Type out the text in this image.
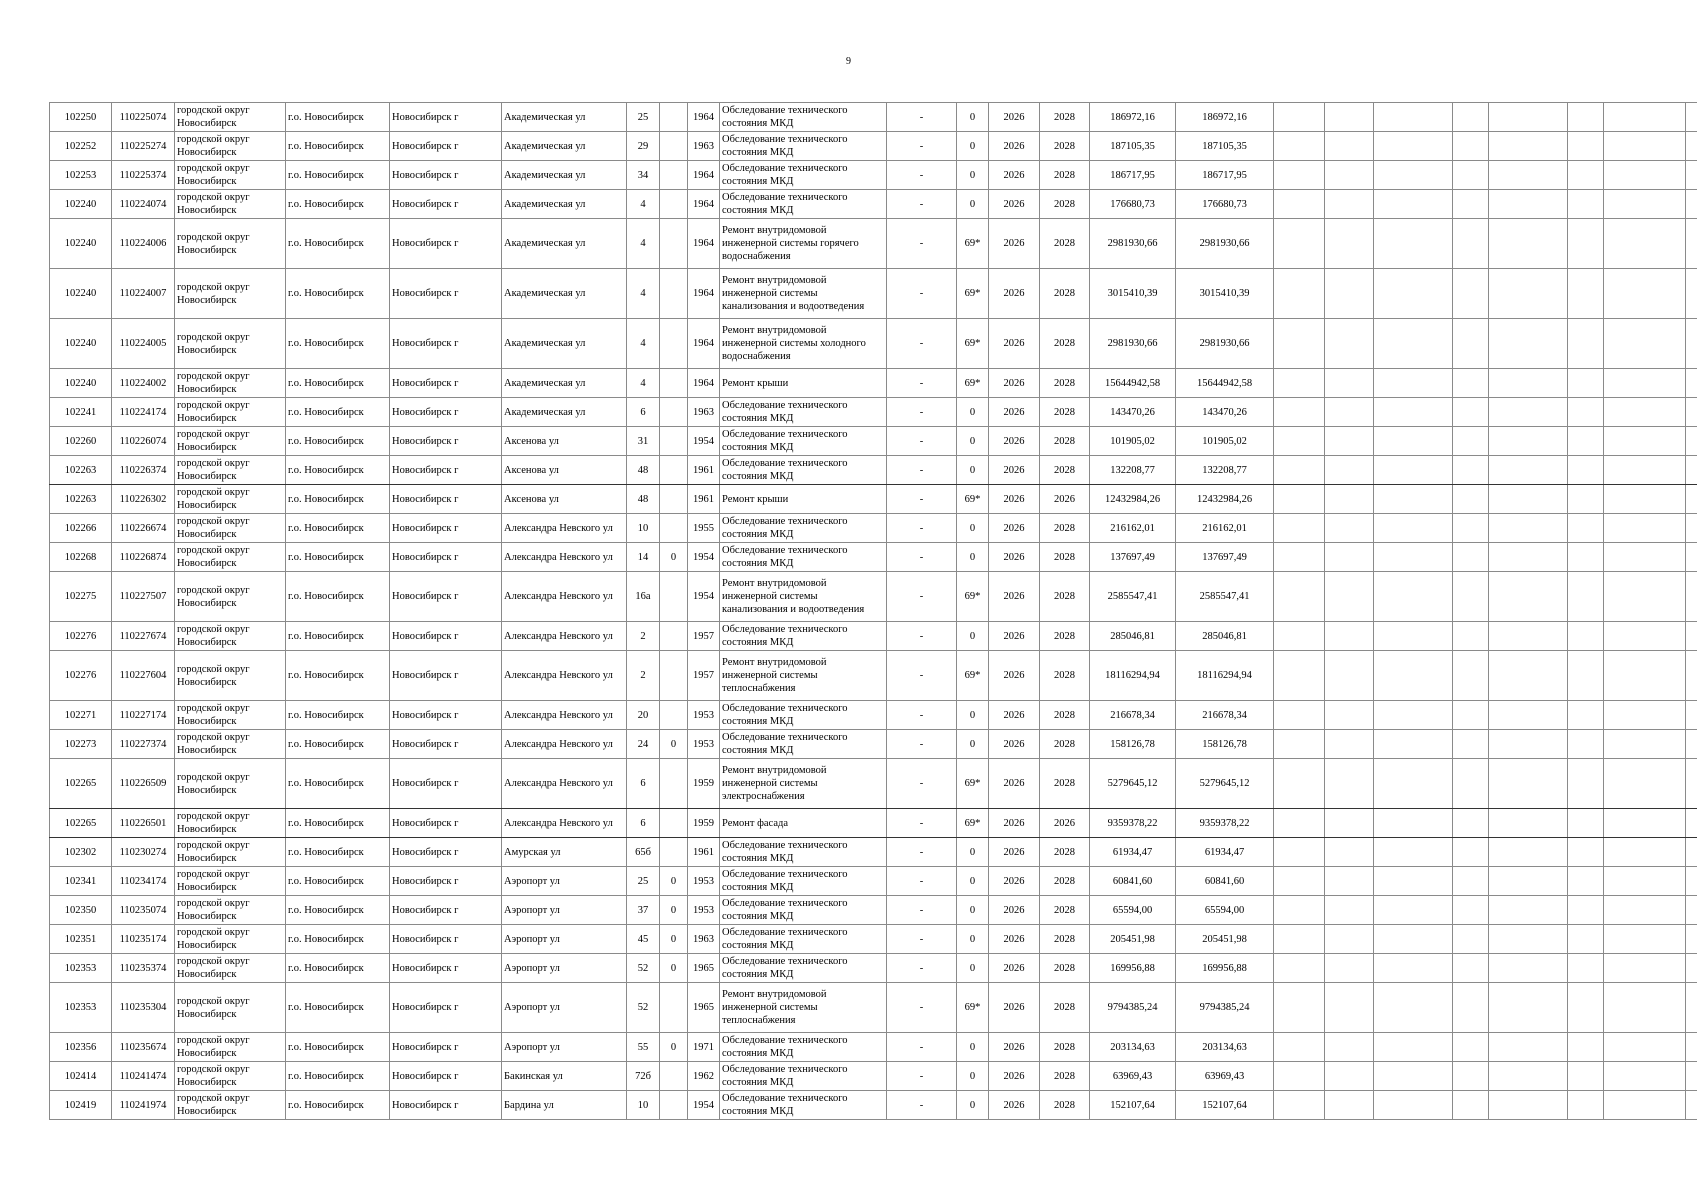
9
102250	110225074	городской округ Новосибирск	г.о. Новосибирск	Новосибирск г	Академическая ул	25		1964	Обследование технического состояния МКД	-	0	2026	2028	186972,16	186972,16								
102252	110225274	городской округ Новосибирск	г.о. Новосибирск	Новосибирск г	Академическая ул	29		1963	Обследование технического состояния МКД	-	0	2026	2028	187105,35	187105,35								
102253	110225374	городской округ Новосибирск	г.о. Новосибирск	Новосибирск г	Академическая ул	34		1964	Обследование технического состояния МКД	-	0	2026	2028	186717,95	186717,95								
102240	110224074	городской округ Новосибирск	г.о. Новосибирск	Новосибирск г	Академическая ул	4		1964	Обследование технического состояния МКД	-	0	2026	2028	176680,73	176680,73								
102240	110224006	городской округ Новосибирск	г.о. Новосибирск	Новосибирск г	Академическая ул	4		1964	Ремонт внутридомовой инженерной системы горячего водоснабжения	-	69*	2026	2028	2981930,66	2981930,66								
102240	110224007	городской округ Новосибирск	г.о. Новосибирск	Новосибирск г	Академическая ул	4		1964	Ремонт внутридомовой инженерной системы канализования и водоотведения	-	69*	2026	2028	3015410,39	3015410,39								
102240	110224005	городской округ Новосибирск	г.о. Новосибирск	Новосибирск г	Академическая ул	4		1964	Ремонт внутридомовой инженерной системы холодного водоснабжения	-	69*	2026	2028	2981930,66	2981930,66								
102240	110224002	городской округ Новосибирск	г.о. Новосибирск	Новосибирск г	Академическая ул	4		1964	Ремонт крыши	-	69*	2026	2028	15644942,58	15644942,58								
102241	110224174	городской округ Новосибирск	г.о. Новосибирск	Новосибирск г	Академическая ул	6		1963	Обследование технического состояния МКД	-	0	2026	2028	143470,26	143470,26								
102260	110226074	городской округ Новосибирск	г.о. Новосибирск	Новосибирск г	Аксенова ул	31		1954	Обследование технического состояния МКД	-	0	2026	2028	101905,02	101905,02								
102263	110226374	городской округ Новосибирск	г.о. Новосибирск	Новосибирск г	Аксенова ул	48		1961	Обследование технического состояния МКД	-	0	2026	2028	132208,77	132208,77								
102263	110226302	городской округ Новосибирск	г.о. Новосибирск	Новосибирск г	Аксенова ул	48		1961	Ремонт крыши	-	69*	2026	2026	12432984,26	12432984,26								
102266	110226674	городской округ Новосибирск	г.о. Новосибирск	Новосибирск г	Александра Невского ул	10		1955	Обследование технического состояния МКД	-	0	2026	2028	216162,01	216162,01								
102268	110226874	городской округ Новосибирск	г.о. Новосибирск	Новосибирск г	Александра Невского ул	14	0	1954	Обследование технического состояния МКД	-	0	2026	2028	137697,49	137697,49								
102275	110227507	городской округ Новосибирск	г.о. Новосибирск	Новосибирск г	Александра Невского ул	16а		1954	Ремонт внутридомовой инженерной системы канализования и водоотведения	-	69*	2026	2028	2585547,41	2585547,41								
102276	110227674	городской округ Новосибирск	г.о. Новосибирск	Новосибирск г	Александра Невского ул	2		1957	Обследование технического состояния МКД	-	0	2026	2028	285046,81	285046,81								
102276	110227604	городской округ Новосибирск	г.о. Новосибирск	Новосибирск г	Александра Невского ул	2		1957	Ремонт внутридомовой инженерной системы теплоснабжения	-	69*	2026	2028	18116294,94	18116294,94								
102271	110227174	городской округ Новосибирск	г.о. Новосибирск	Новосибирск г	Александра Невского ул	20		1953	Обследование технического состояния МКД	-	0	2026	2028	216678,34	216678,34								
102273	110227374	городской округ Новосибирск	г.о. Новосибирск	Новосибирск г	Александра Невского ул	24	0	1953	Обследование технического состояния МКД	-	0	2026	2028	158126,78	158126,78								
102265	110226509	городской округ Новосибирск	г.о. Новосибирск	Новосибирск г	Александра Невского ул	6		1959	Ремонт внутридомовой инженерной системы электроснабжения	-	69*	2026	2028	5279645,12	5279645,12								
102265	110226501	городской округ Новосибирск	г.о. Новосибирск	Новосибирск г	Александра Невского ул	6		1959	Ремонт фасада	-	69*	2026	2026	9359378,22	9359378,22								
102302	110230274	городской округ Новосибирск	г.о. Новосибирск	Новосибирск г	Амурская ул	65б		1961	Обследование технического состояния МКД	-	0	2026	2028	61934,47	61934,47								
102341	110234174	городской округ Новосибирск	г.о. Новосибирск	Новосибирск г	Аэропорт ул	25	0	1953	Обследование технического состояния МКД	-	0	2026	2028	60841,60	60841,60								
102350	110235074	городской округ Новосибирск	г.о. Новосибирск	Новосибирск г	Аэропорт ул	37	0	1953	Обследование технического состояния МКД	-	0	2026	2028	65594,00	65594,00								
102351	110235174	городской округ Новосибирск	г.о. Новосибирск	Новосибирск г	Аэропорт ул	45	0	1963	Обследование технического состояния МКД	-	0	2026	2028	205451,98	205451,98								
102353	110235374	городской округ Новосибирск	г.о. Новосибирск	Новосибирск г	Аэропорт ул	52	0	1965	Обследование технического состояния МКД	-	0	2026	2028	169956,88	169956,88								
102353	110235304	городской округ Новосибирск	г.о. Новосибирск	Новосибирск г	Аэропорт ул	52		1965	Ремонт внутридомовой инженерной системы теплоснабжения	-	69*	2026	2028	9794385,24	9794385,24								
102356	110235674	городской округ Новосибирск	г.о. Новосибирск	Новосибирск г	Аэропорт ул	55	0	1971	Обследование технического состояния МКД	-	0	2026	2028	203134,63	203134,63								
102414	110241474	городской округ Новосибирск	г.о. Новосибирск	Новосибирск г	Бакинская ул	72б		1962	Обследование технического состояния МКД	-	0	2026	2028	63969,43	63969,43								
102419	110241974	городской округ Новосибирск	г.о. Новосибирск	Новосибирск г	Бардина ул	10		1954	Обследование технического состояния МКД	-	0	2026	2028	152107,64	152107,64								
